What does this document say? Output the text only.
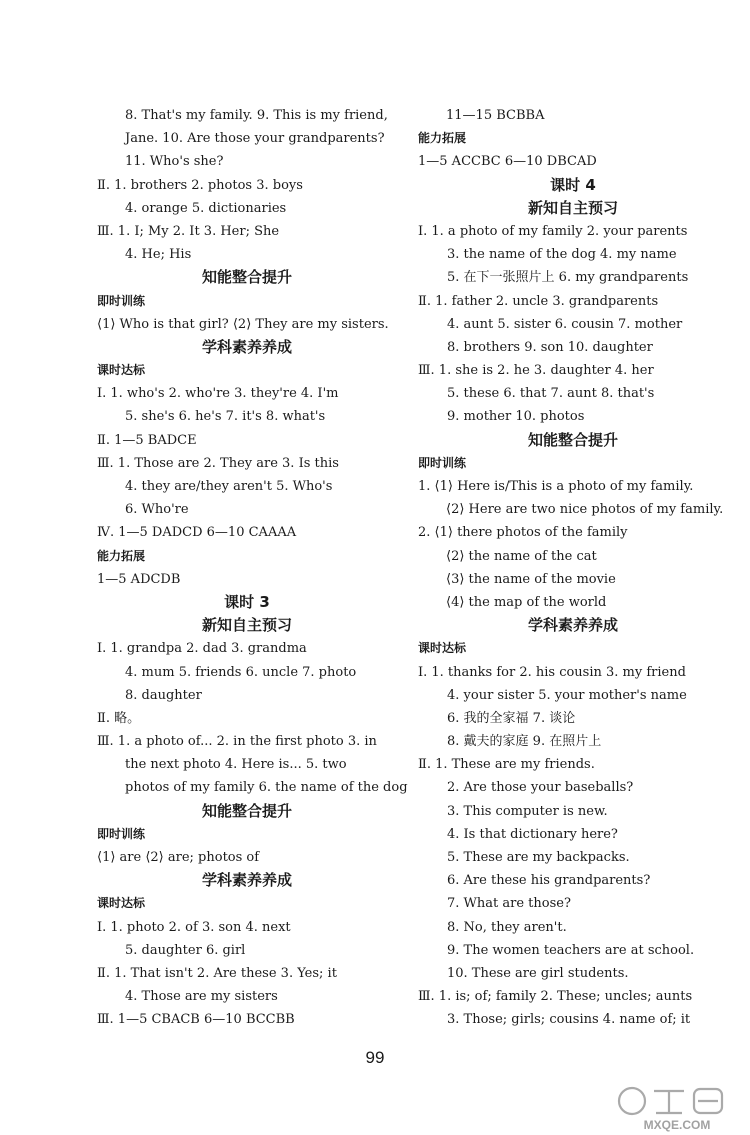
8. That's my family. 9. This is my friend,
Jane. 10. Are those your grandparents?
11. Who's she?
Ⅱ. 1. brothers 2. photos 3. boys
4. orange 5. dictionaries
Ⅲ. 1. I; My 2. It 3. Her; She
4. He; His
知能整合提升
即时训练
⟨1⟩ Who is that girl? ⟨2⟩ They are my sisters.
学科素养养成
课时达标
Ⅰ. 1. who's 2. who're 3. they're 4. I'm
5. she's 6. he's 7. it's 8. what's
Ⅱ. 1—5 BADCE
Ⅲ. 1. Those are 2. They are 3. Is this
4. they are/they aren't 5. Who's
6. Who're
Ⅳ. 1—5 DADCD 6—10 CAAAA
能力拓展
1—5 ADCDB
课时 3
新知自主预习
Ⅰ. 1. grandpa 2. dad 3. grandma
4. mum 5. friends 6. uncle 7. photo
8. daughter
Ⅱ. 略。
Ⅲ. 1. a photo of... 2. in the first photo 3. in
the next photo 4. Here is... 5. two
photos of my family 6. the name of the dog
知能整合提升
即时训练
⟨1⟩ are ⟨2⟩ are; photos of
学科素养养成
课时达标
Ⅰ. 1. photo 2. of 3. son 4. next
5. daughter 6. girl
Ⅱ. 1. That isn't 2. Are these 3. Yes; it
4. Those are my sisters
Ⅲ. 1—5 CBACB 6—10 BCCBB
11—15 BCBBA
能力拓展
1—5 ACCBC 6—10 DBCAD
课时 4
新知自主预习
Ⅰ. 1. a photo of my family 2. your parents
3. the name of the dog 4. my name
5. 在下一张照片上 6. my grandparents
Ⅱ. 1. father 2. uncle 3. grandparents
4. aunt 5. sister 6. cousin 7. mother
8. brothers 9. son 10. daughter
Ⅲ. 1. she is 2. he 3. daughter 4. her
5. these 6. that 7. aunt 8. that's
9. mother 10. photos
知能整合提升
即时训练
1. ⟨1⟩ Here is/This is a photo of my family.
⟨2⟩ Here are two nice photos of my family.
2. ⟨1⟩ there photos of the family
⟨2⟩ the name of the cat
⟨3⟩ the name of the movie
⟨4⟩ the map of the world
学科素养养成
课时达标
Ⅰ. 1. thanks for 2. his cousin 3. my friend
4. your sister 5. your mother's name
6. 我的全家福 7. 谈论
8. 戴夫的家庭 9. 在照片上
Ⅱ. 1. These are my friends.
2. Are those your baseballs?
3. This computer is new.
4. Is that dictionary here?
5. These are my backpacks.
6. Are these his grandparents?
7. What are those?
8. No, they aren't.
9. The women teachers are at school.
10. These are girl students.
Ⅲ. 1. is; of; family 2. These; uncles; aunts
3. Those; girls; cousins 4. name of; it
99
MXQE.COM
